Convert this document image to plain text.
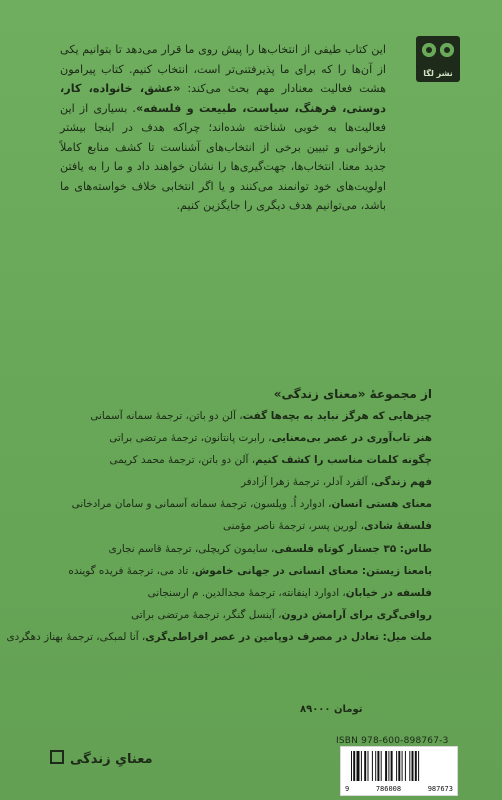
نشر لگا
این کتاب طیفی از انتخاب‌ها را پیش روی ما قرار می‌دهد تا بتوانیم یکی از آن‌ها را که برای ما پذیرفتنی‌تر است، انتخاب کنیم. کتاب پیرامون هشت فعالیت معنادار مهم بحث می‌کند: «عشق، خانواده، کار، دوستی، فرهنگ، سیاست، طبیعت و فلسفه». بسیاری از این فعالیت‌ها به خوبی شناخته شده‌اند؛ چراکه هدف در اینجا بیشتر بازخوانی و تبیین برخی از انتخاب‌های آشناست تا کشف منابع کاملاً جدید معنا. انتخاب‌ها، جهت‌گیری‌ها را نشان خواهند داد و ما را به یافتن اولویت‌های خود توانمند می‌کنند و یا اگر انتخابی خلاف خواسته‌های ما باشد، می‌توانیم هدف دیگری را جایگزین کنیم.
از مجموعهٔ «معنای زندگی»
چیزهایی که هرگز نباید به بچه‌ها گفت، آلن دو باتن، ترجمهٔ سمانه آسمانی
هنر تاب‌آوری در عصر بی‌معنایی، رابرت پانتانون، ترجمهٔ مرتضی براتی
چگونه کلمات مناسب را کشف کنیم، آلن دو باتن، ترجمهٔ محمد کریمی
فهم زندگی، آلفرد آدلر، ترجمهٔ زهرا آزادفر
معنای هستی انسان، ادوارد اُ. ویلسون، ترجمهٔ سمانه آسمانی و سامان مرادخانی
فلسفهٔ شادی، لورین پسر، ترجمهٔ ناصر مؤمنی
طاس: ۳۵ جستار کوتاه فلسفی، سایمون کریچلی، ترجمهٔ قاسم نجاری
بامعنا زیستن: معنای انسانی در جهانی خاموش، تاد می، ترجمهٔ فریده گوینده
فلسفه در خیابان، ادوارد اینفانته، ترجمهٔ مجدالدین. م ارسنجانی
رواقی‌گری برای آرامش درون، آینسل گنگر، ترجمهٔ مرتضی براتی
ملت میل: تعادل در مصرف دوپامین در عصر افراطی‌گری، آنا لمبکی، ترجمهٔ بهناز دهگردی
۸۹۰۰۰ تومان
ISBN 978-600-898767-3
9	786008	987673
معنایِ زندگی
